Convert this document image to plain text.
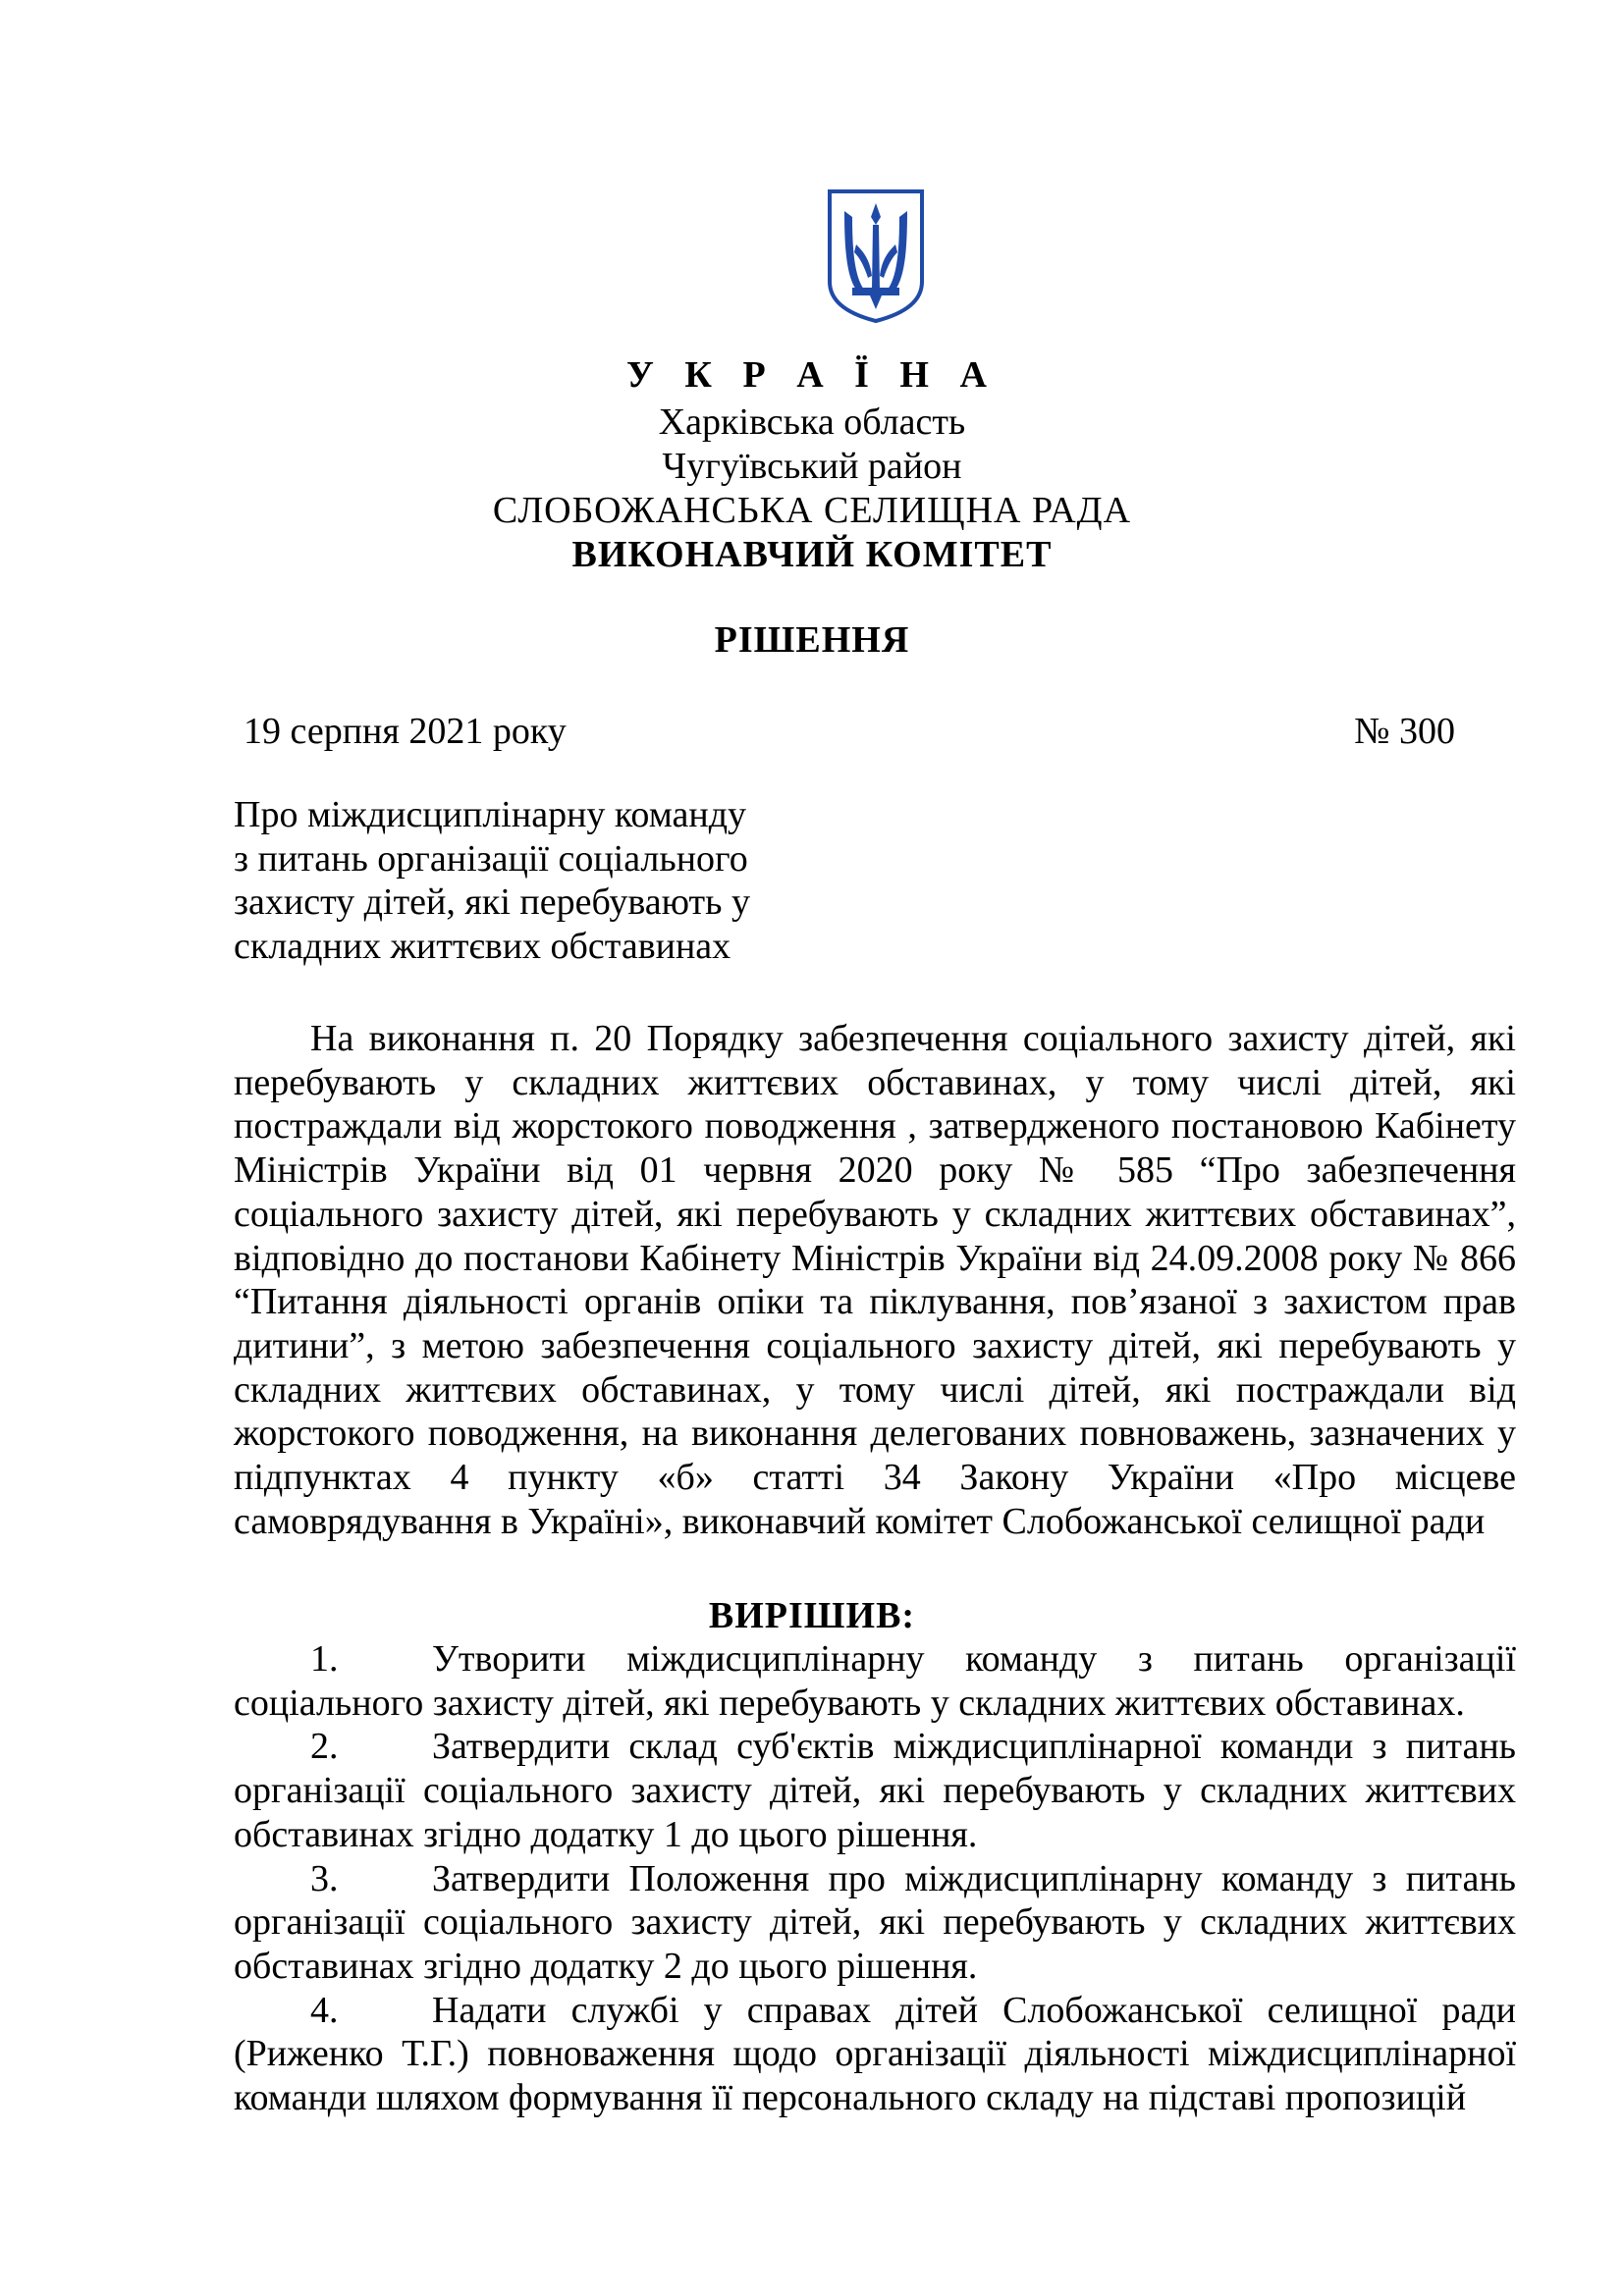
У К Р А Ї Н А
Харківська область
Чугуївський район
СЛОБОЖАНСЬКА СЕЛИЩНА РАДА
ВИКОНАВЧИЙ КОМІТЕТ
РІШЕННЯ
19 серпня 2021 року	№ 300
Про міждисциплінарну команду
з питань організації соціального
захисту дітей, які перебувають у
складних життєвих обставинах
На виконання п. 20 Порядку забезпечення соціального захисту дітей, які перебувають у складних життєвих обставинах, у тому числі дітей, які постраждали від жорстокого поводження , затвердженого постановою Кабінету Міністрів України від 01 червня 2020 року № 585 “Про забезпечення соціального захисту дітей, які перебувають у складних життєвих обставинах”, відповідно до постанови Кабінету Міністрів України від 24.09.2008 року № 866 “Питання діяльності органів опіки та піклування, пов’язаної з захистом прав дитини”, з метою забезпечення соціального захисту дітей, які перебувають у складних життєвих обставинах, у тому числі дітей, які постраждали від жорстокого поводження, на виконання делегованих повноважень, зазначених у підпунктах 4 пункту «б» статті 34 Закону України «Про місцеве самоврядування в Україні», виконавчий комітет Слобожанської селищної ради
ВИРІШИВ:
1.	Утворити міждисциплінарну команду з питань організації соціального захисту дітей, які перебувають у складних життєвих обставинах.
2.	Затвердити склад суб'єктів міждисциплінарної команди з питань організації соціального захисту дітей, які перебувають у складних життєвих обставинах згідно додатку 1 до цього рішення.
3.	Затвердити Положення про міждисциплінарну команду з питань організації соціального захисту дітей, які перебувають у складних життєвих обставинах згідно додатку 2 до цього рішення.
4.	Надати службі у справах дітей Слобожанської селищної ради (Риженко Т.Г.) повноваження щодо організації діяльності міждисциплінарної команди шляхом формування її персонального складу на підставі пропозицій
